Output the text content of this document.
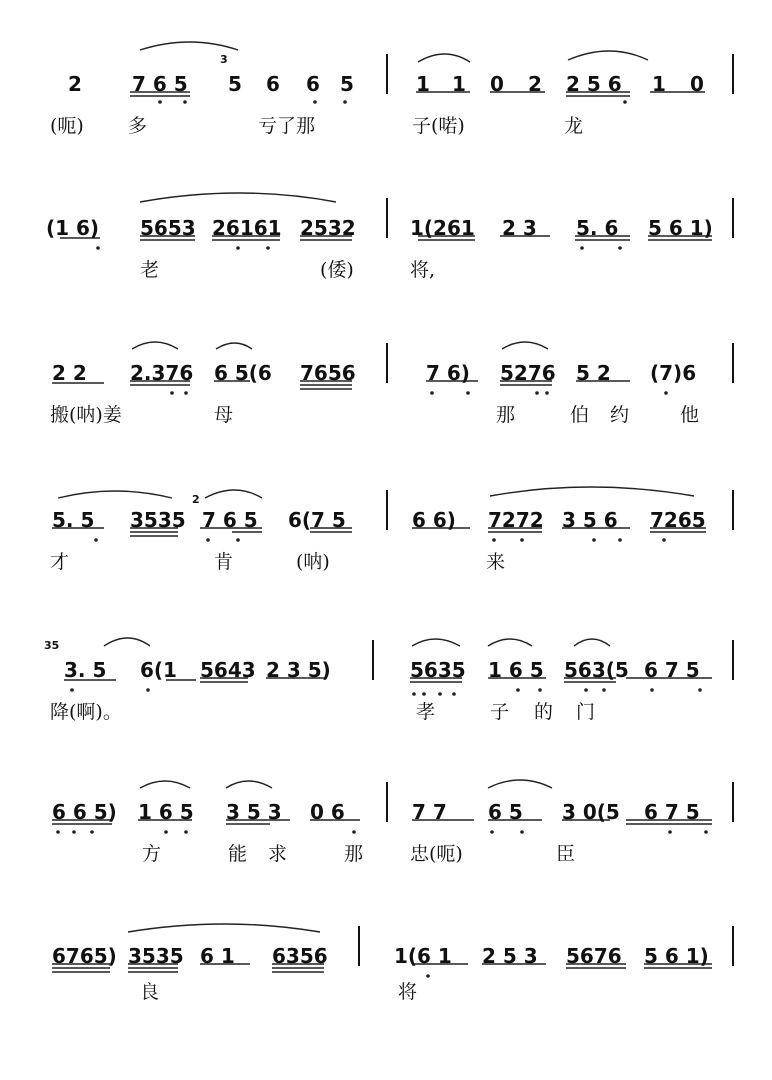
3
2	7 6 5 5 6 6 5	1 1 0 2 2 5 6 1 0
(呃) 多	亏了那	子(喏)	龙
(1 6) 5653 26161 2532	1(261 2 3 5. 6 5 6 1)
老	(倭)	将,
2 2 2.376 6 5(6 7656	7 6) 5276 5 2 (7)6
搬(呐)姜	母	那	伯 约	他
2
5. 5 3535 7 6 5 6(7 5	6 6) 7272 3 5 6 7265
才	肯	(呐)	来
35
3. 5 6(1 5643 2 3 5)	5635 1 6 5 563(5 6 7 5
降(啊)。	孝	子 的 门
6 6 5) 1 6 5 3 5 3 0 6	7 7 6 5 3 0(5 6 7 5
方	能 求	那 忠(呃)	臣
6765) 3535 6 1 6356	1(6 1 2 5 3 5676 5 6 1)
良	将
